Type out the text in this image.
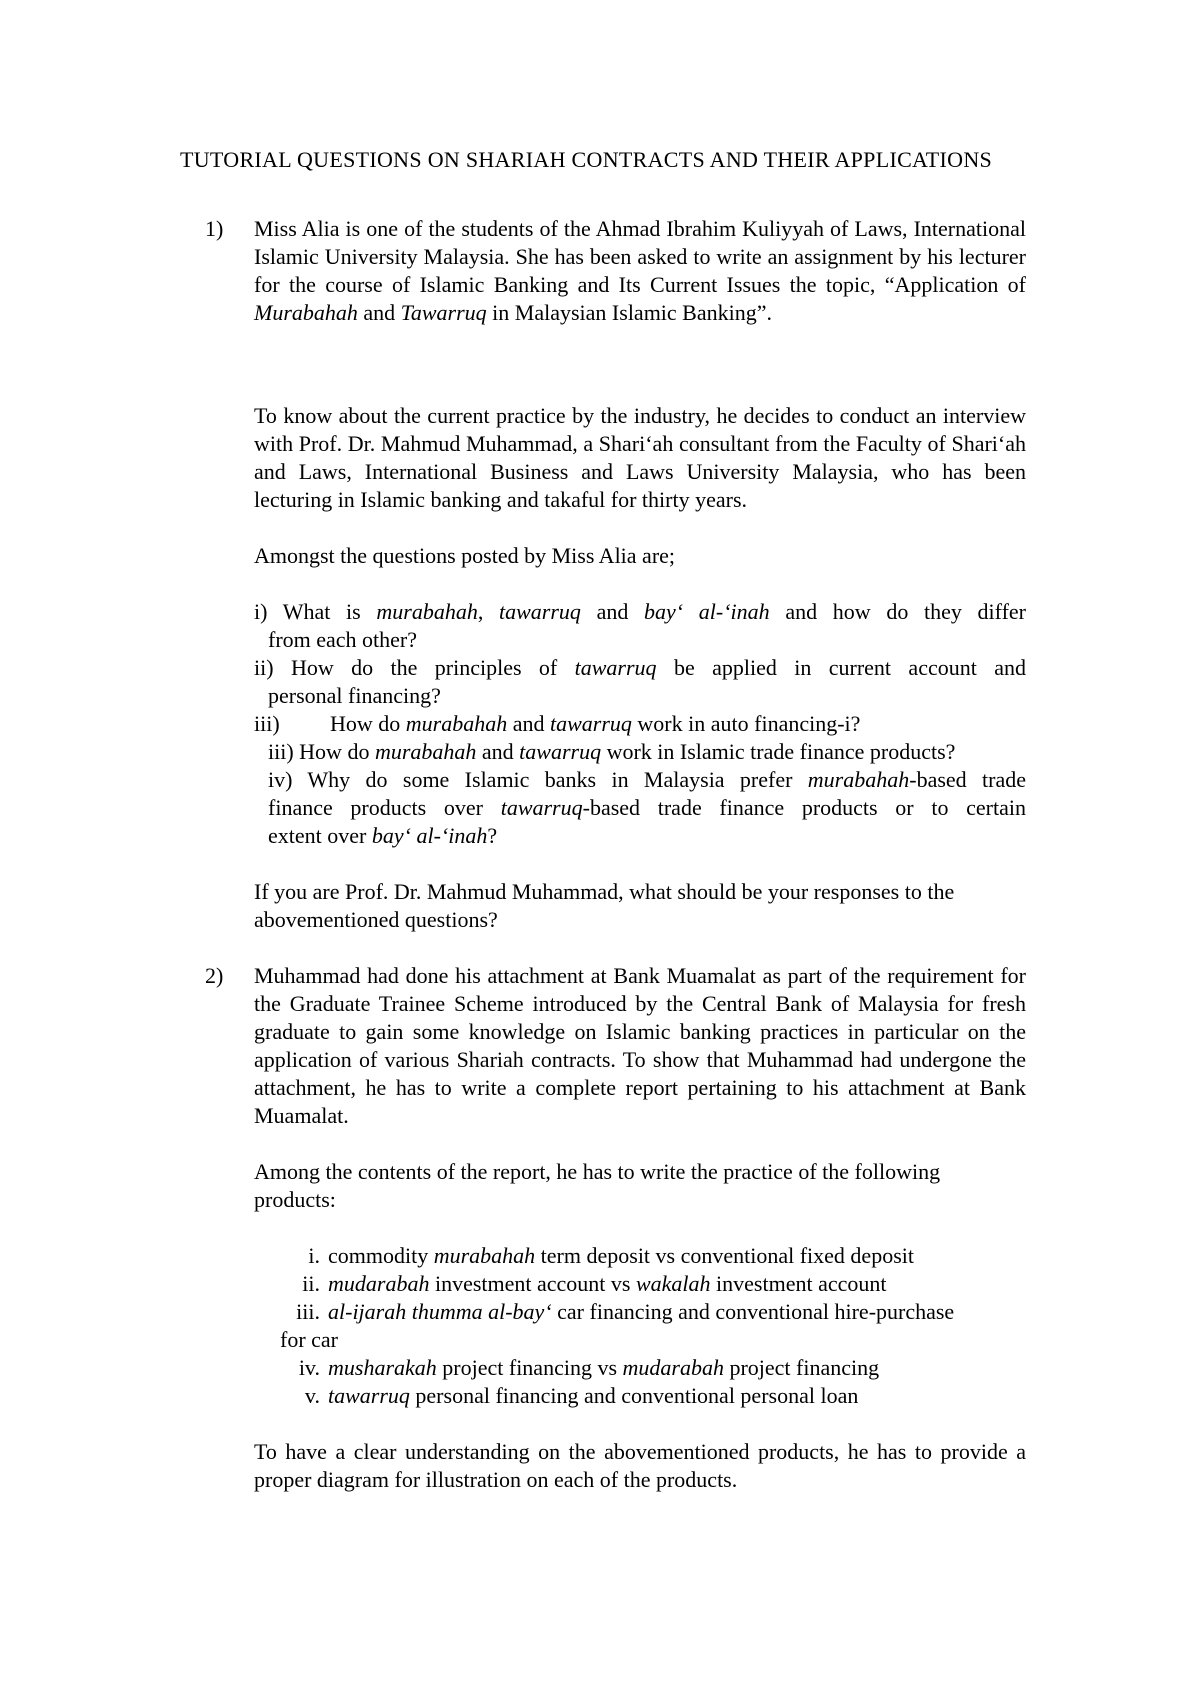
TUTORIAL QUESTIONS ON SHARIAH CONTRACTS AND THEIR APPLICATIONS
1) Miss Alia is one of the students of the Ahmad Ibrahim Kuliyyah of Laws, International Islamic University Malaysia. She has been asked to write an assignment by his lecturer for the course of Islamic Banking and Its Current Issues the topic, “Application of Murabahah and Tawarruq in Malaysian Islamic Banking”.

To know about the current practice by the industry, he decides to conduct an interview with Prof. Dr. Mahmud Muhammad, a Shari‘ah consultant from the Faculty of Shari‘ah and Laws, International Business and Laws University Malaysia, who has been lecturing in Islamic banking and takaful for thirty years.

Amongst the questions posted by Miss Alia are;

i) What is murabahah, tawarruq and bay‘ al-‘inah and how do they differ

from each other?

ii) How do the principles of tawarruq be applied in current account and

personal financing?

iii) How do murabahah and tawarruq work in auto financing-i?

iii) How do murabahah and tawarruq work in Islamic trade finance products?

iv) Why do some Islamic banks in Malaysia prefer murabahah-based trade

finance products over tawarruq-based trade finance products or to certain

extent over bay‘ al-‘inah?

If you are Prof. Dr. Mahmud Muhammad, what should be your responses to the abovementioned questions?

2) Muhammad had done his attachment at Bank Muamalat as part of the requirement for the Graduate Trainee Scheme introduced by the Central Bank of Malaysia for fresh graduate to gain some knowledge on Islamic banking practices in particular on the application of various Shariah contracts. To show that Muhammad had undergone the attachment, he has to write a complete report pertaining to his attachment at Bank Muamalat.

Among the contents of the report, he has to write the practice of the following products:

i. commodity murabahah term deposit vs conventional fixed deposit

ii. mudarabah investment account vs wakalah investment account

iii. al-ijarah thumma al-bay‘ car financing and conventional hire-purchase

for car

iv. musharakah project financing vs mudarabah project financing

v. tawarruq personal financing and conventional personal loan

To have a clear understanding on the abovementioned products, he has to provide a proper diagram for illustration on each of the products.
